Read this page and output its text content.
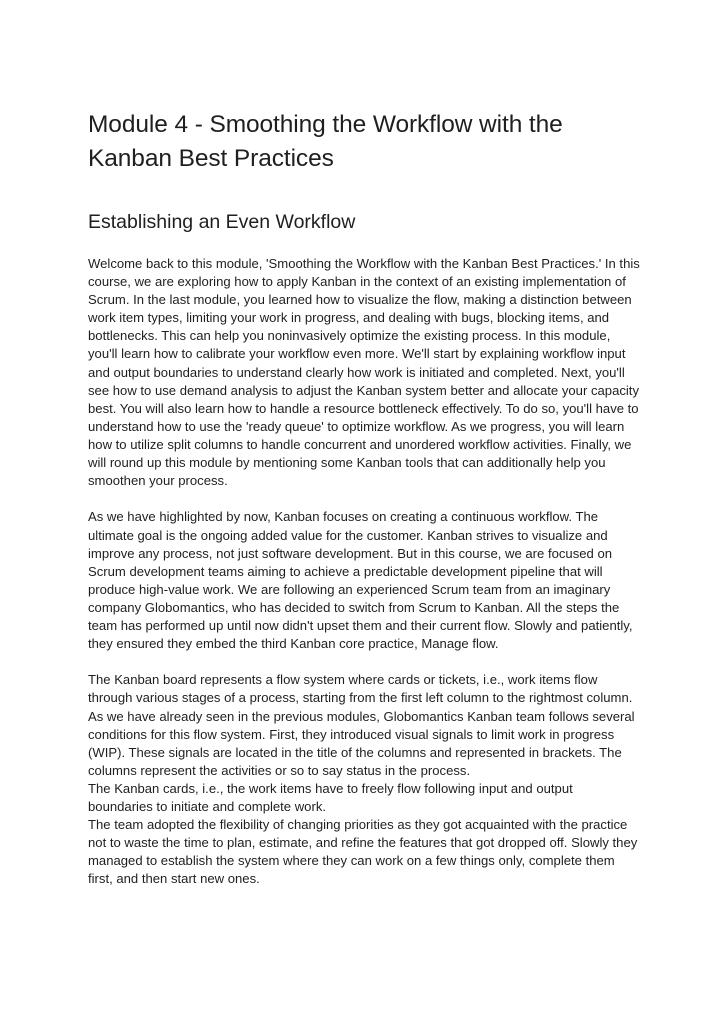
Module 4 - Smoothing the Workflow with the Kanban Best Practices
Establishing an Even Workflow

Welcome back to this module, 'Smoothing the Workflow with the Kanban Best Practices.' In this course, we are exploring how to apply Kanban in the context of an existing implementation of Scrum. In the last module, you learned how to visualize the flow, making a distinction between work item types, limiting your work in progress, and dealing with bugs, blocking items, and bottlenecks. This can help you noninvasively optimize the existing process. In this module, you'll learn how to calibrate your workflow even more. We'll start by explaining workflow input and output boundaries to understand clearly how work is initiated and completed. Next, you'll see how to use demand analysis to adjust the Kanban system better and allocate your capacity best. You will also learn how to handle a resource bottleneck effectively. To do so, you'll have to understand how to use the 'ready queue' to optimize workflow. As we progress, you will learn how to utilize split columns to handle concurrent and unordered workflow activities. Finally, we will round up this module by mentioning some Kanban tools that can additionally help you smoothen your process.

As we have highlighted by now, Kanban focuses on creating a continuous workflow. The ultimate goal is the ongoing added value for the customer. Kanban strives to visualize and improve any process, not just software development. But in this course, we are focused on Scrum development teams aiming to achieve a predictable development pipeline that will produce high-value work. We are following an experienced Scrum team from an imaginary company Globomantics, who has decided to switch from Scrum to Kanban. All the steps the team has performed up until now didn't upset them and their current flow. Slowly and patiently, they ensured they embed the third Kanban core practice, Manage flow.

The Kanban board represents a flow system where cards or tickets, i.e., work items flow through various stages of a process, starting from the first left column to the rightmost column.

As we have already seen in the previous modules, Globomantics Kanban team follows several conditions for this flow system. First, they introduced visual signals to limit work in progress (WIP). These signals are located in the title of the columns and represented in brackets. The columns represent the activities or so to say status in the process.

The Kanban cards, i.e., the work items have to freely flow following input and output boundaries to initiate and complete work.

The team adopted the flexibility of changing priorities as they got acquainted with the practice not to waste the time to plan, estimate, and refine the features that got dropped off. Slowly they managed to establish the system where they can work on a few things only, complete them first, and then start new ones.
